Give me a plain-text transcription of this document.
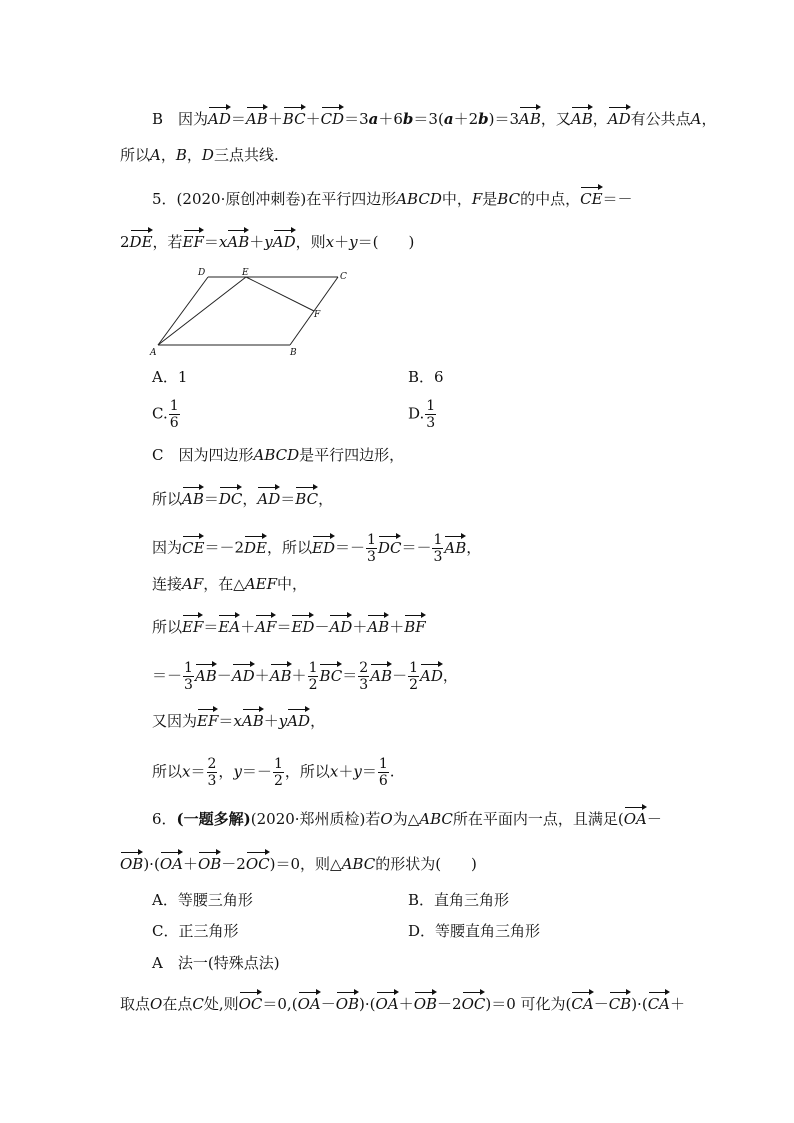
B　因为AD＝AB＋BC＋CD＝3a＋6b＝3(a＋2b)＝3AB，又AB，AD有公共点A，
所以A，B，D三点共线.
5．(2020·原创冲刺卷)在平行四边形ABCD中，F是BC的中点，CE＝－
2DE，若EF＝xAB＋yAD，则x＋y＝(　　)
A	B
C
D	E
F
A．1	B．6
C. $\frac{1}{6}$	D. $\frac{1}{3}$
C　因为四边形ABCD是平行四边形，
所以AB＝DC，AD＝BC，
因为CE＝－2DE，所以$ED=- \frac{1}{3} DC=- \frac{1}{3}$ AB，
连接AF，在△AEF中，
所以EF＝EA＋AF＝ED－AD＋AB＋BF
＝－ $\frac{1}{3} AB-AD+AB+ \frac{1}{2} BC= \frac{2}{3} AB- \frac{1}{2}$ AD，
又因为EF＝xAB＋yAD，
所以$x= \frac{2}{3}$ ，$y=- \frac{1}{2}$ ，所以$x+y= \frac{1}{6}$ .
6．(一题多解)(2020·郑州质检)若O为△ABC所在平面内一点，且满足(OA－
OB)·(OA＋OB－2OC)＝0，则△ABC的形状为(　　)
A．等腰三角形	B．直角三角形
C．正三角形	D．等腰直角三角形
A　法一(特殊点法)
取点O在点C处,则OC＝0,(OA－OB)·(OA＋OB－2OC)＝0 可化为(CA－CB)·(CA＋
